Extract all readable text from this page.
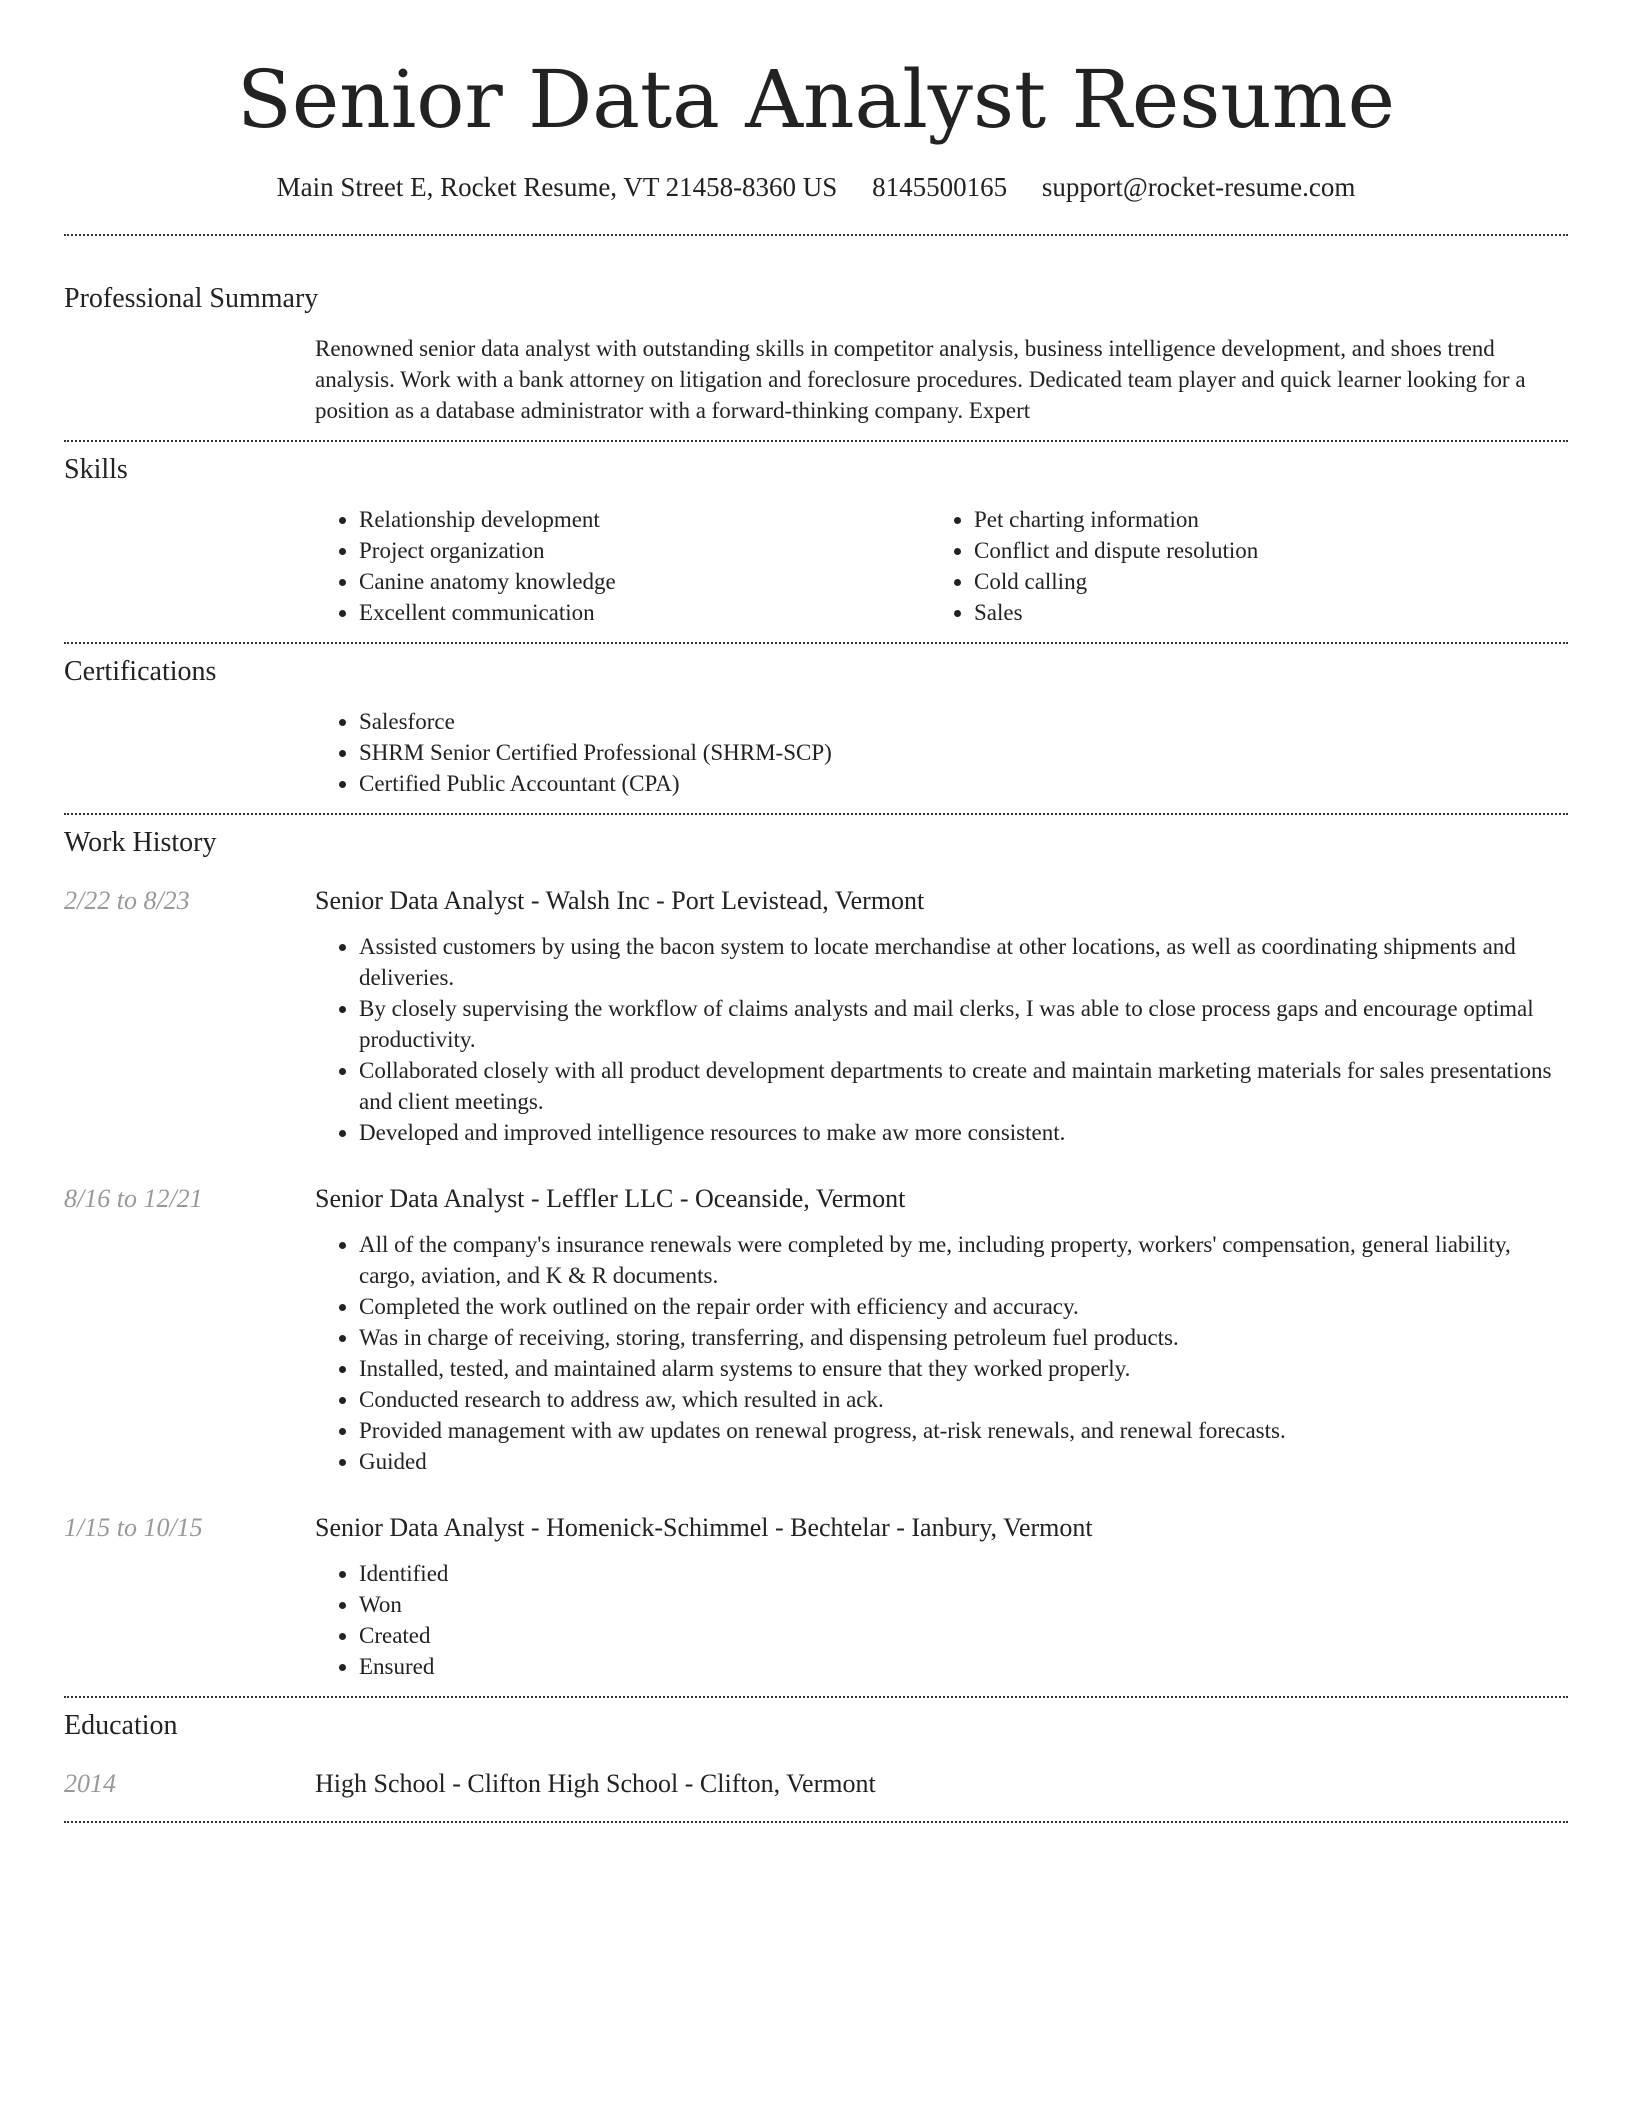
Senior Data Analyst Resume
Main Street E, Rocket Resume, VT 21458-8360 US 8145500165 support@rocket-resume.com
Professional Summary

Renowned senior data analyst with outstanding skills in competitor analysis, business intelligence development, and shoes trend analysis. Work with a bank attorney on litigation and foreclosure procedures. Dedicated team player and quick learner looking for a position as a database administrator with a forward-thinking company. Expert

Skills
• Relationship development
• Project organization
• Canine anatomy knowledge
• Excellent communication
• Pet charting information
• Conflict and dispute resolution
• Cold calling
• Sales
Certifications
• Salesforce
• SHRM Senior Certified Professional (SHRM-SCP)
• Certified Public Accountant (CPA)
Work History
2/22 to 8/23	Senior Data Analyst - Walsh Inc - Port Levistead, Vermont
• Assisted customers by using the bacon system to locate merchandise at other locations, as well as coordinating shipments and deliveries.
• By closely supervising the workflow of claims analysts and mail clerks, I was able to close process gaps and encourage optimal productivity.
• Collaborated closely with all product development departments to create and maintain marketing materials for sales presentations and client meetings.
• Developed and improved intelligence resources to make aw more consistent.
8/16 to 12/21	Senior Data Analyst - Leffler LLC - Oceanside, Vermont
• All of the company's insurance renewals were completed by me, including property, workers' compensation, general liability, cargo, aviation, and K & R documents.
• Completed the work outlined on the repair order with efficiency and accuracy.
• Was in charge of receiving, storing, transferring, and dispensing petroleum fuel products.
• Installed, tested, and maintained alarm systems to ensure that they worked properly.
• Conducted research to address aw, which resulted in ack.
• Provided management with aw updates on renewal progress, at-risk renewals, and renewal forecasts.
• Guided
1/15 to 10/15	Senior Data Analyst - Homenick-Schimmel - Bechtelar - Ianbury, Vermont
• Identified
• Won
• Created
• Ensured
Education
2014	High School - Clifton High School - Clifton, Vermont
